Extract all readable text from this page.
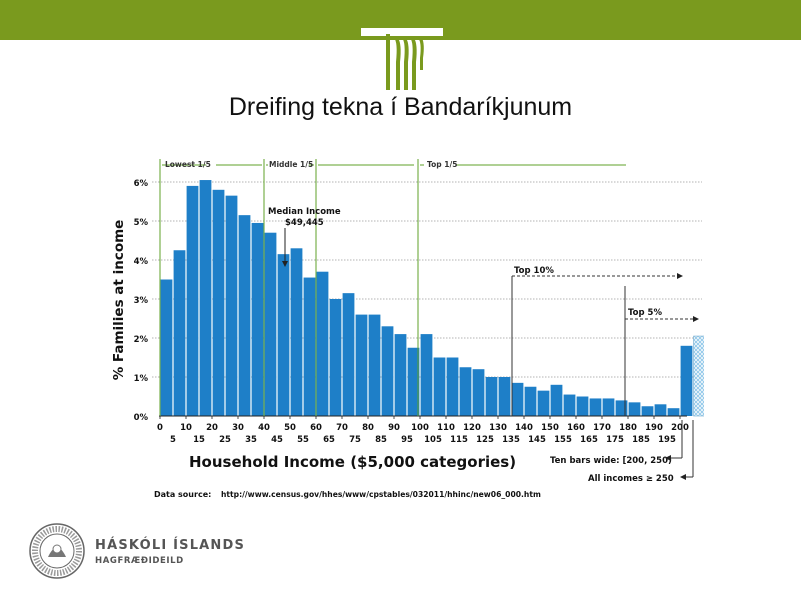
Dreifing tekna í Bandaríkjunum
0%
1%
2%
3%
4%
5%
6%
% Families at income
0 10 20 30 40 50 60 70 80 90 100 110 120 130 140 150 160 170 180 190 200
5 15 25 35 45 55 65 75 85 95 105 115 125 135 145 155 165 175 185 195
Household Income ($5,000 categories)
Lowest 1/5	Middle 1/5	Top 1/5
Median Income
$49,445
Top 10%
Top 5%
Ten bars wide: [200, 250)
All incomes ≥ 250
Data source: http://www.census.gov/hhes/www/cpstables/032011/hhinc/new06_000.htm
HÁSKÓLI ÍSLANDS
HAGFRÆÐIDEILD
